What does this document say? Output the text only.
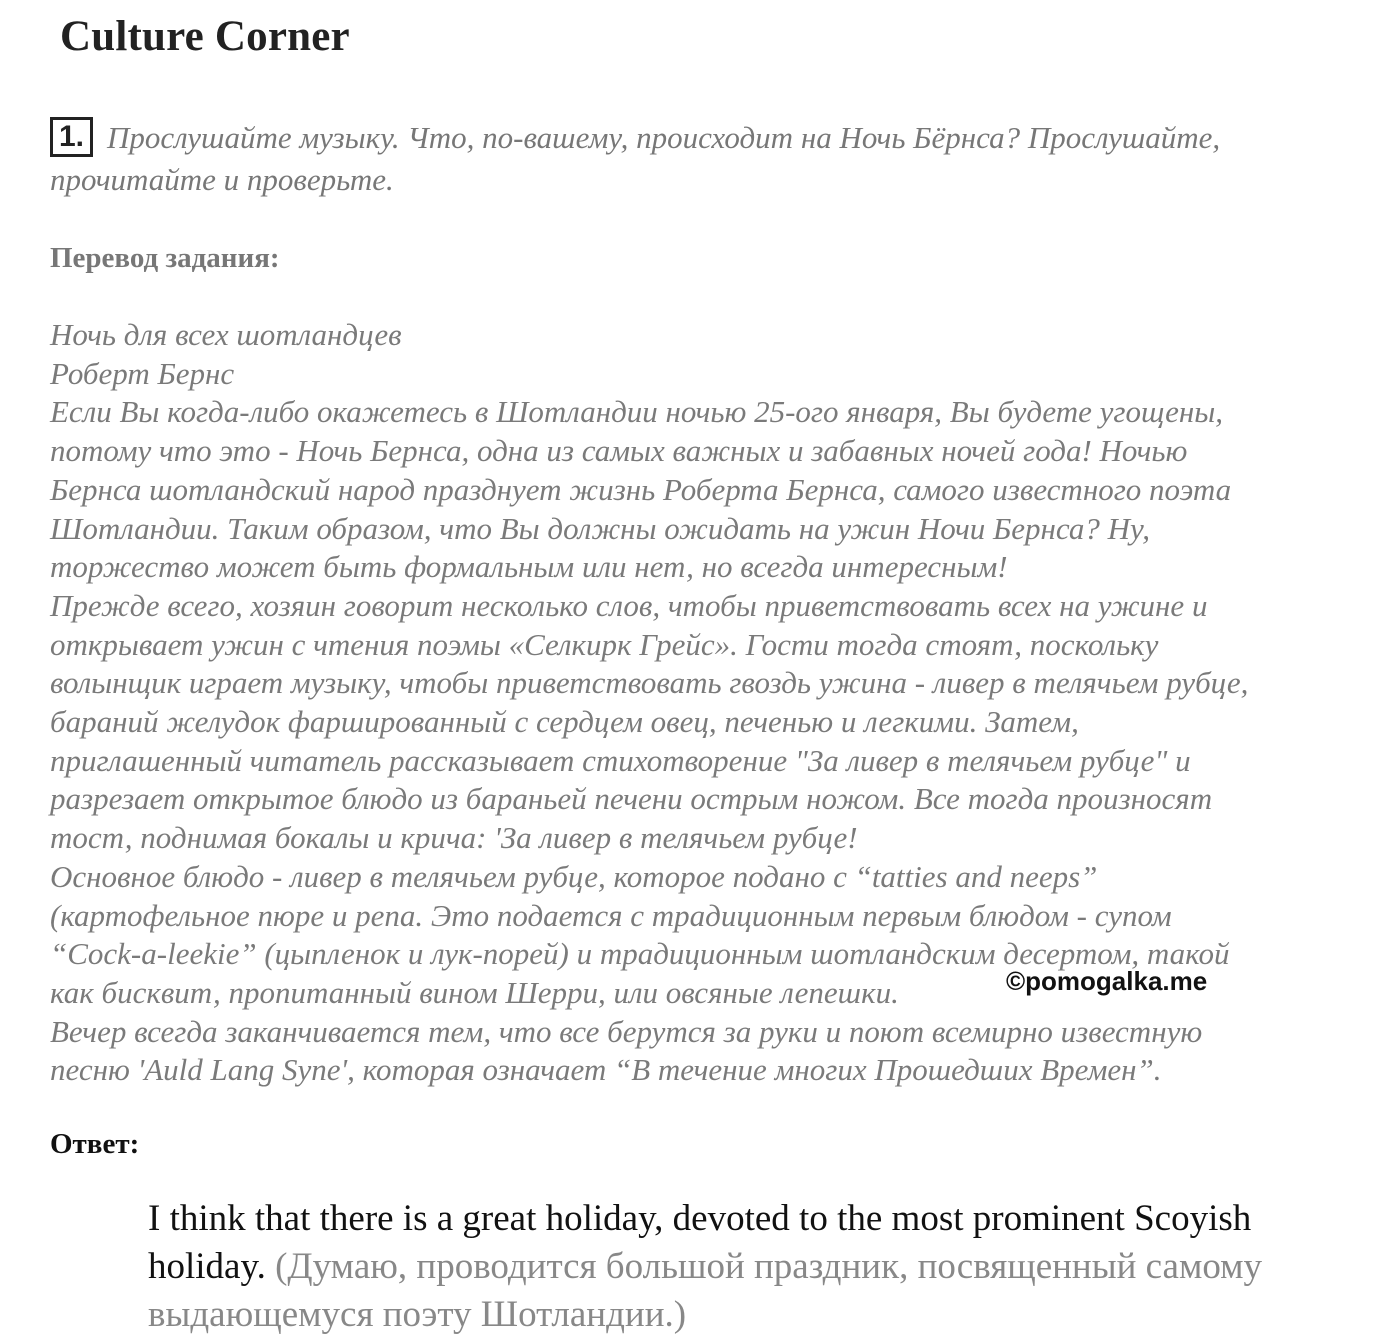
Culture Corner
1. Прослушайте музыку. Что, по-вашему, происходит на Ночь Бёрнса? Прослушайте, прочитайте и проверьте.
Перевод задания:
Ночь для всех шотландцев
Роберт Бернс
Если Вы когда-либо окажетесь в Шотландии ночью 25-ого января, Вы будете угощены,
потому что это - Ночь Бернса, одна из самых важных и забавных ночей года! Ночью
Бернса шотландский народ празднует жизнь Роберта Бернса, самого известного поэта
Шотландии. Таким образом, что Вы должны ожидать на ужин Ночи Бернса? Ну,
торжество может быть формальным или нет, но всегда интересным!
Прежде всего, хозяин говорит несколько слов, чтобы приветствовать всех на ужине и
открывает ужин с чтения поэмы «Селкирк Грейс». Гости тогда стоят, поскольку
волынщик играет музыку, чтобы приветствовать гвоздь ужина - ливер в телячьем рубце,
бараний желудок фаршированный с сердцем овец, печенью и легкими. Затем,
приглашенный читатель рассказывает стихотворение "За ливер в телячьем рубце" и
разрезает открытое блюдо из бараньей печени острым ножом. Все тогда произносят
тост, поднимая бокалы и крича: 'За ливер в телячьем рубце!
Основное блюдо - ливер в телячьем рубце, которое подано с “tatties and neeps”
(картофельное пюре и репа. Это подается с традиционным первым блюдом - супом
“Cock-a-leekie” (цыпленок и лук-порей) и традиционным шотландским десертом, такой
как бисквит, пропитанный вином Шерри, или овсяные лепешки.
Вечер всегда заканчивается тем, что все берутся за руки и поют всемирно известную
песню 'Auld Lang Syne', которая означает “В течение многих Прошедших Времен”.
©pomogalka.me
Ответ:
I think that there is a great holiday, devoted to the most prominent Scoyish holiday. (Думаю, проводится большой праздник, посвященный самому выдающемуся поэту Шотландии.)
